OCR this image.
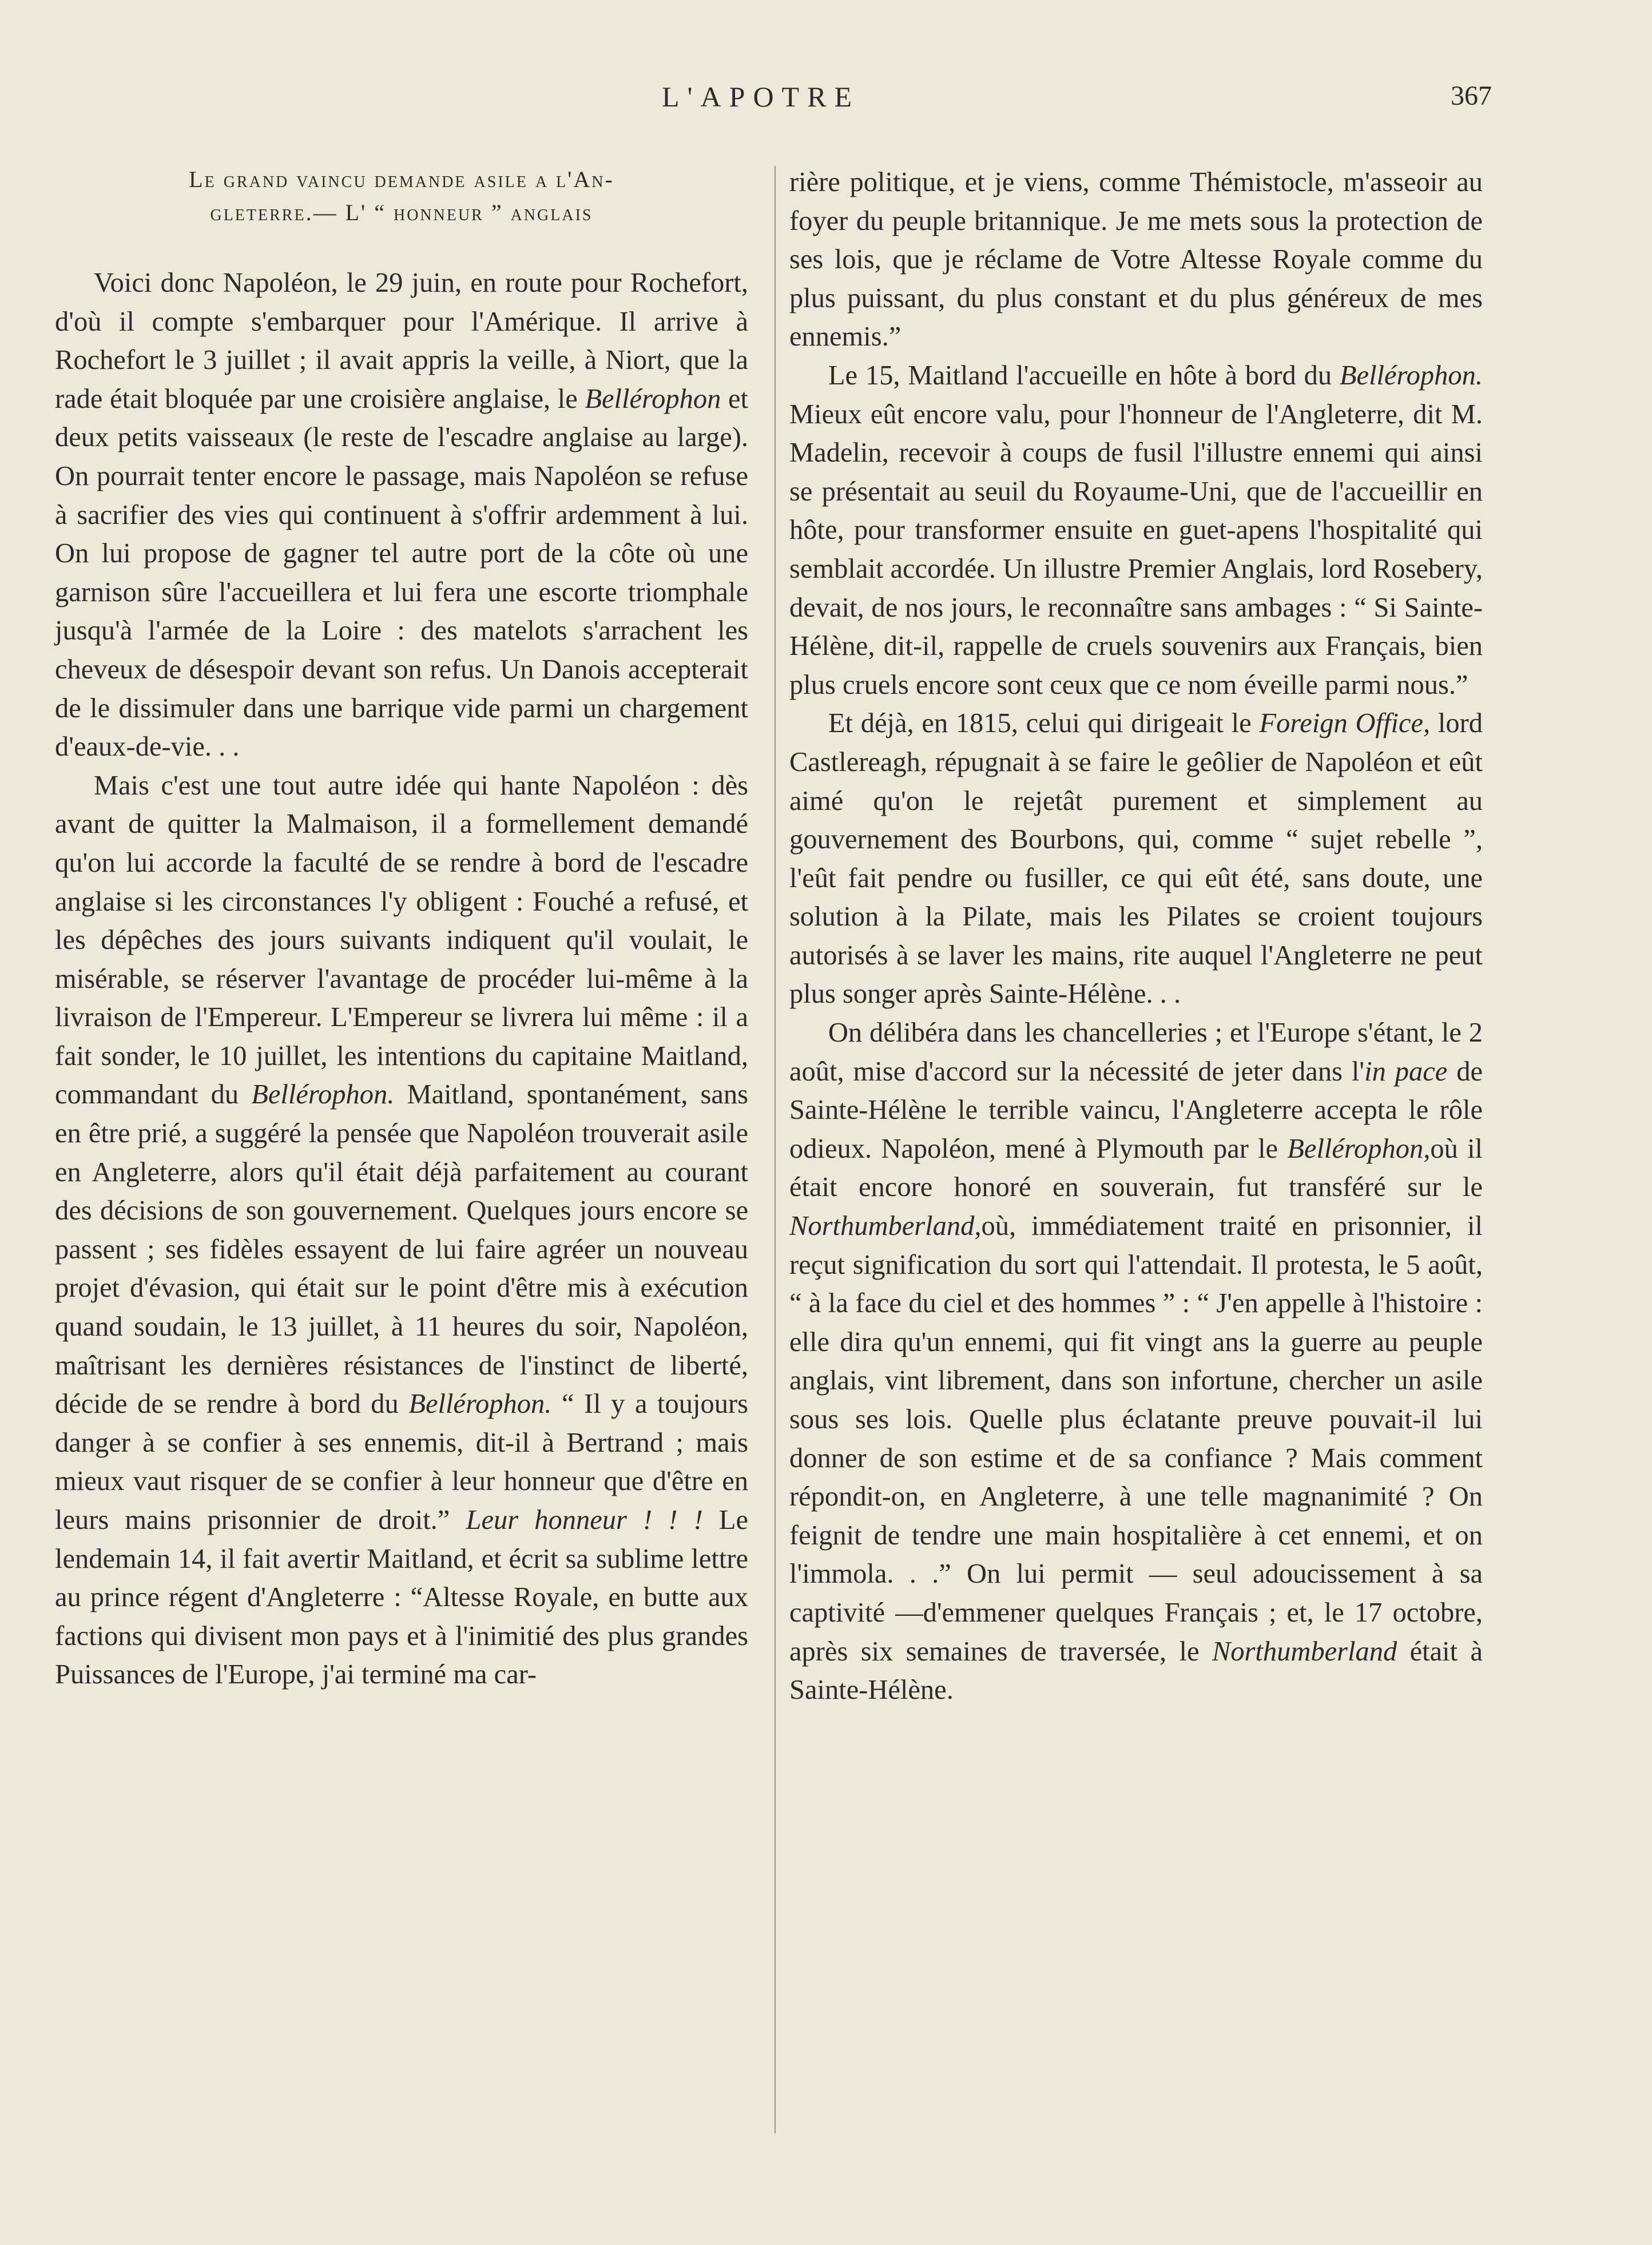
L'APOTRE	367
Le grand vaincu demande asile a l'An-
gleterre.— L' “ honneur ” anglais

Voici donc Napoléon, le 29 juin, en route pour Rochefort, d'où il compte s'embarquer pour l'Amérique. Il arrive à Rochefort le 3 juillet ; il avait appris la veille, à Niort, que la rade était bloquée par une croisière anglaise, le Bellérophon et deux petits vaisseaux (le reste de l'escadre anglaise au large). On pourrait tenter encore le passage, mais Napoléon se refuse à sacrifier des vies qui continuent à s'offrir ardemment à lui. On lui propose de gagner tel autre port de la côte où une garnison sûre l'accueillera et lui fera une escorte triomphale jusqu'à l'armée de la Loire : des matelots s'arrachent les cheveux de désespoir devant son refus. Un Danois accepterait de le dissimuler dans une barrique vide parmi un chargement d'eaux-de-vie. . .

Mais c'est une tout autre idée qui hante Napoléon : dès avant de quitter la Malmaison, il a formellement demandé qu'on lui accorde la faculté de se rendre à bord de l'escadre anglaise si les circonstances l'y obligent : Fouché a refusé, et les dépêches des jours suivants indiquent qu'il voulait, le misérable, se réserver l'avantage de procéder lui-même à la livraison de l'Empereur. L'Empereur se livrera lui même : il a fait sonder, le 10 juillet, les intentions du capitaine Maitland, commandant du Bellérophon. Maitland, spontanément, sans en être prié, a suggéré la pensée que Napoléon trouverait asile en Angleterre, alors qu'il était déjà parfaitement au courant des décisions de son gouvernement. Quelques jours encore se passent ; ses fidèles essayent de lui faire agréer un nouveau projet d'évasion, qui était sur le point d'être mis à exécution quand soudain, le 13 juillet, à 11 heures du soir, Napoléon, maîtrisant les dernières résistances de l'instinct de liberté, décide de se rendre à bord du Bellérophon. “ Il y a toujours danger à se confier à ses ennemis, dit-il à Bertrand ; mais mieux vaut risquer de se confier à leur honneur que d'être en leurs mains prisonnier de droit.” Leur honneur ! ! ! Le lendemain 14, il fait avertir Maitland, et écrit sa sublime lettre au prince régent d'Angleterre : “Altesse Royale, en butte aux factions qui divisent mon pays et à l'inimitié des plus grandes Puissances de l'Europe, j'ai terminé ma car-

rière politique, et je viens, comme Thémistocle, m'asseoir au foyer du peuple britannique. Je me mets sous la protection de ses lois, que je réclame de Votre Altesse Royale comme du plus puissant, du plus constant et du plus généreux de mes ennemis.”

Le 15, Maitland l'accueille en hôte à bord du Bellérophon. Mieux eût encore valu, pour l'honneur de l'Angleterre, dit M. Madelin, recevoir à coups de fusil l'illustre ennemi qui ainsi se présentait au seuil du Royaume-Uni, que de l'accueillir en hôte, pour transformer ensuite en guet-apens l'hospitalité qui semblait accordée. Un illustre Premier Anglais, lord Rosebery, devait, de nos jours, le reconnaître sans ambages : “ Si Sainte-Hélène, dit-il, rappelle de cruels souvenirs aux Français, bien plus cruels encore sont ceux que ce nom éveille parmi nous.”

Et déjà, en 1815, celui qui dirigeait le Foreign Office, lord Castlereagh, répugnait à se faire le geôlier de Napoléon et eût aimé qu'on le rejetât purement et simplement au gouvernement des Bourbons, qui, comme “ sujet rebelle ”, l'eût fait pendre ou fusiller, ce qui eût été, sans doute, une solution à la Pilate, mais les Pilates se croient toujours autorisés à se laver les mains, rite auquel l'Angleterre ne peut plus songer après Sainte-Hélène. . .

On délibéra dans les chancelleries ; et l'Europe s'étant, le 2 août, mise d'accord sur la nécessité de jeter dans l'in pace de Sainte-Hélène le terrible vaincu, l'Angleterre accepta le rôle odieux. Napoléon, mené à Plymouth par le Bellérophon,où il était encore honoré en souverain, fut transféré sur le Northumberland,où, immédiatement traité en prisonnier, il reçut signification du sort qui l'attendait. Il protesta, le 5 août, “ à la face du ciel et des hommes ” : “ J'en appelle à l'histoire : elle dira qu'un ennemi, qui fit vingt ans la guerre au peuple anglais, vint librement, dans son infortune, chercher un asile sous ses lois. Quelle plus éclatante preuve pouvait-il lui donner de son estime et de sa confiance ? Mais comment répondit-on, en Angleterre, à une telle magnanimité ? On feignit de tendre une main hospitalière à cet ennemi, et on l'immola. . .” On lui permit — seul adoucissement à sa captivité —d'emmener quelques Français ; et, le 17 octobre, après six semaines de traversée, le Northumberland était à Sainte-Hélène.
